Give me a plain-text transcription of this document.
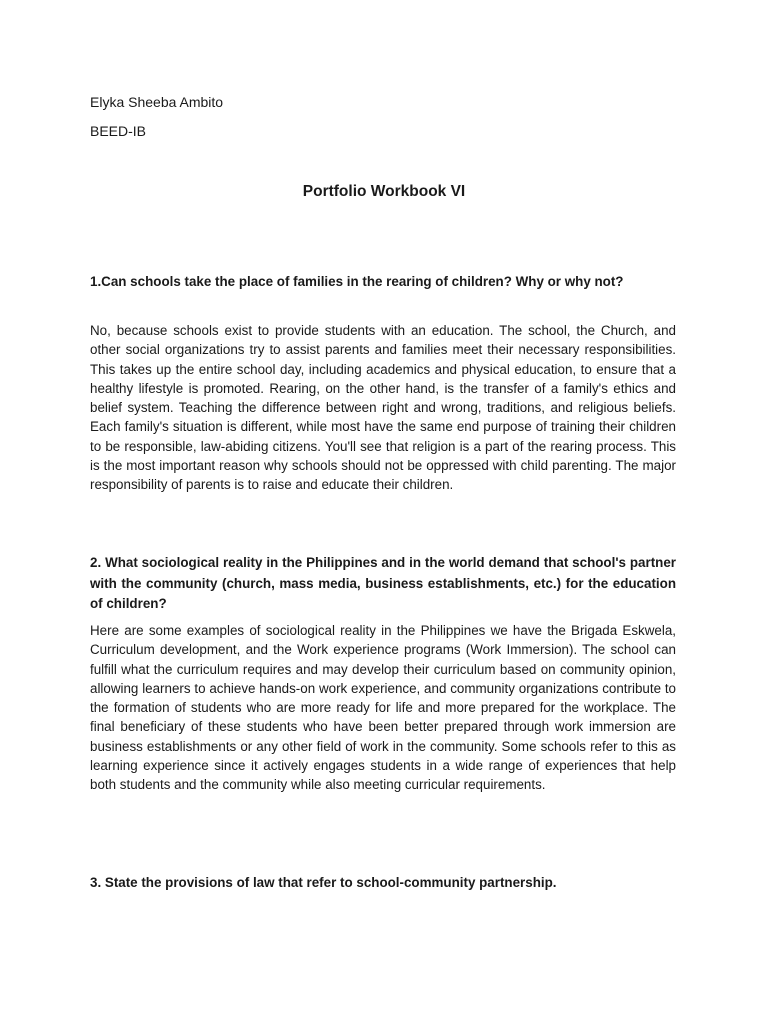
Elyka Sheeba Ambito

BEED-IB

Portfolio Workbook VI

1.Can schools take the place of families in the rearing of children? Why or why not?

No, because schools exist to provide students with an education. The school, the Church, and other social organizations try to assist parents and families meet their necessary responsibilities. This takes up the entire school day, including academics and physical education, to ensure that a healthy lifestyle is promoted. Rearing, on the other hand, is the transfer of a family's ethics and belief system. Teaching the difference between right and wrong, traditions, and religious beliefs. Each family's situation is different, while most have the same end purpose of training their children to be responsible, law-abiding citizens. You'll see that religion is a part of the rearing process. This is the most important reason why schools should not be oppressed with child parenting. The major responsibility of parents is to raise and educate their children.

2. What sociological reality in the Philippines and in the world demand that school's partner with the community (church, mass media, business establishments, etc.) for the education of children?

Here are some examples of sociological reality in the Philippines we have the Brigada Eskwela, Curriculum development, and the Work experience programs (Work Immersion). The school can fulfill what the curriculum requires and may develop their curriculum based on community opinion, allowing learners to achieve hands-on work experience, and community organizations contribute to the formation of students who are more ready for life and more prepared for the workplace. The final beneficiary of these students who have been better prepared through work immersion are business establishments or any other field of work in the community. Some schools refer to this as learning experience since it actively engages students in a wide range of experiences that help both students and the community while also meeting curricular requirements.

3. State the provisions of law that refer to school-community partnership.
